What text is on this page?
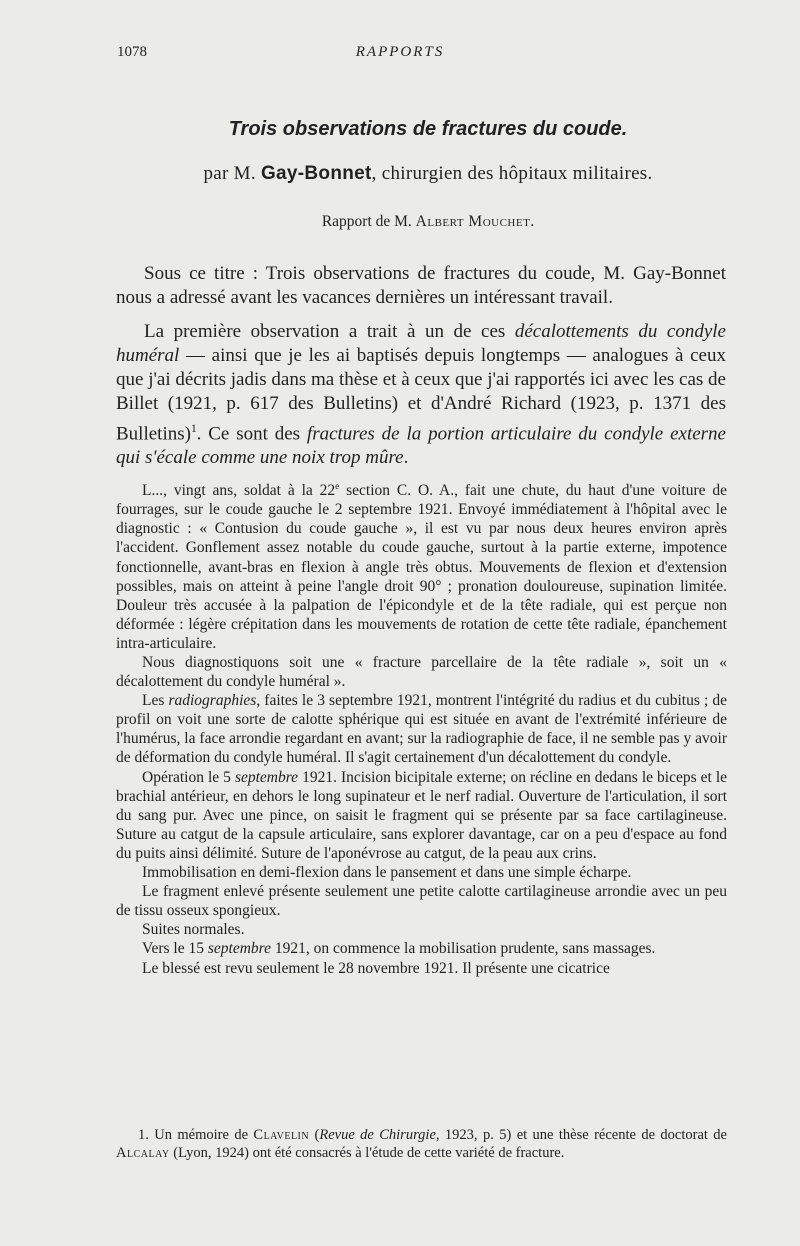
1078	RAPPORTS
Trois observations de fractures du coude.
par M. Gay-Bonnet, chirurgien des hôpitaux militaires.
Rapport de M. Albert Mouchet.

Sous ce titre : Trois observations de fractures du coude, M. Gay-Bonnet nous a adressé avant les vacances dernières un intéressant travail.

La première observation a trait à un de ces décalottements du condyle huméral — ainsi que je les ai baptisés depuis longtemps — analogues à ceux que j'ai décrits jadis dans ma thèse et à ceux que j'ai rapportés ici avec les cas de Billet (1921, p. 617 des Bulletins) et d'André Richard (1923, p. 1371 des Bulletins)$^1$. Ce sont des fractures de la portion articulaire du condyle externe qui s'écale comme une noix trop mûre.

L..., vingt ans, soldat à la 22e section C. O. A., fait une chute, du haut d'une voiture de fourrages, sur le coude gauche le 2 septembre 1921. Envoyé immédiatement à l'hôpital avec le diagnostic : « Contusion du coude gauche », il est vu par nous deux heures environ après l'accident. Gonflement assez notable du coude gauche, surtout à la partie externe, impotence fonctionnelle, avant-bras en flexion à angle très obtus. Mouvements de flexion et d'extension possibles, mais on atteint à peine l'angle droit 90° ; pronation douloureuse, supination limitée. Douleur très accusée à la palpation de l'épicondyle et de la tête radiale, qui est perçue non déformée : légère crépitation dans les mouvements de rotation de cette tête radiale, épanchement intra-articulaire.

Nous diagnostiquons soit une « fracture parcellaire de la tête radiale », soit un « décalottement du condyle huméral ».

Les radiographies, faites le 3 septembre 1921, montrent l'intégrité du radius et du cubitus ; de profil on voit une sorte de calotte sphérique qui est située en avant de l'extrémité inférieure de l'humérus, la face arrondie regardant en avant; sur la radiographie de face, il ne semble pas y avoir de déformation du condyle huméral. Il s'agit certainement d'un décalottement du condyle.

Opération le 5 septembre 1921. Incision bicipitale externe; on récline en dedans le biceps et le brachial antérieur, en dehors le long supinateur et le nerf radial. Ouverture de l'articulation, il sort du sang pur. Avec une pince, on saisit le fragment qui se présente par sa face cartilagineuse. Suture au catgut de la capsule articulaire, sans explorer davantage, car on a peu d'espace au fond du puits ainsi délimité. Suture de l'aponévrose au catgut, de la peau aux crins.

Immobilisation en demi-flexion dans le pansement et dans une simple écharpe.

Le fragment enlevé présente seulement une petite calotte cartilagineuse arrondie avec un peu de tissu osseux spongieux.

Suites normales.

Vers le 15 septembre 1921, on commence la mobilisation prudente, sans massages.

Le blessé est revu seulement le 28 novembre 1921. Il présente une cicatrice

1. Un mémoire de Clavelin (Revue de Chirurgie, 1923, p. 5) et une thèse récente de doctorat de Alcalay (Lyon, 1924) ont été consacrés à l'étude de cette variété de fracture.
